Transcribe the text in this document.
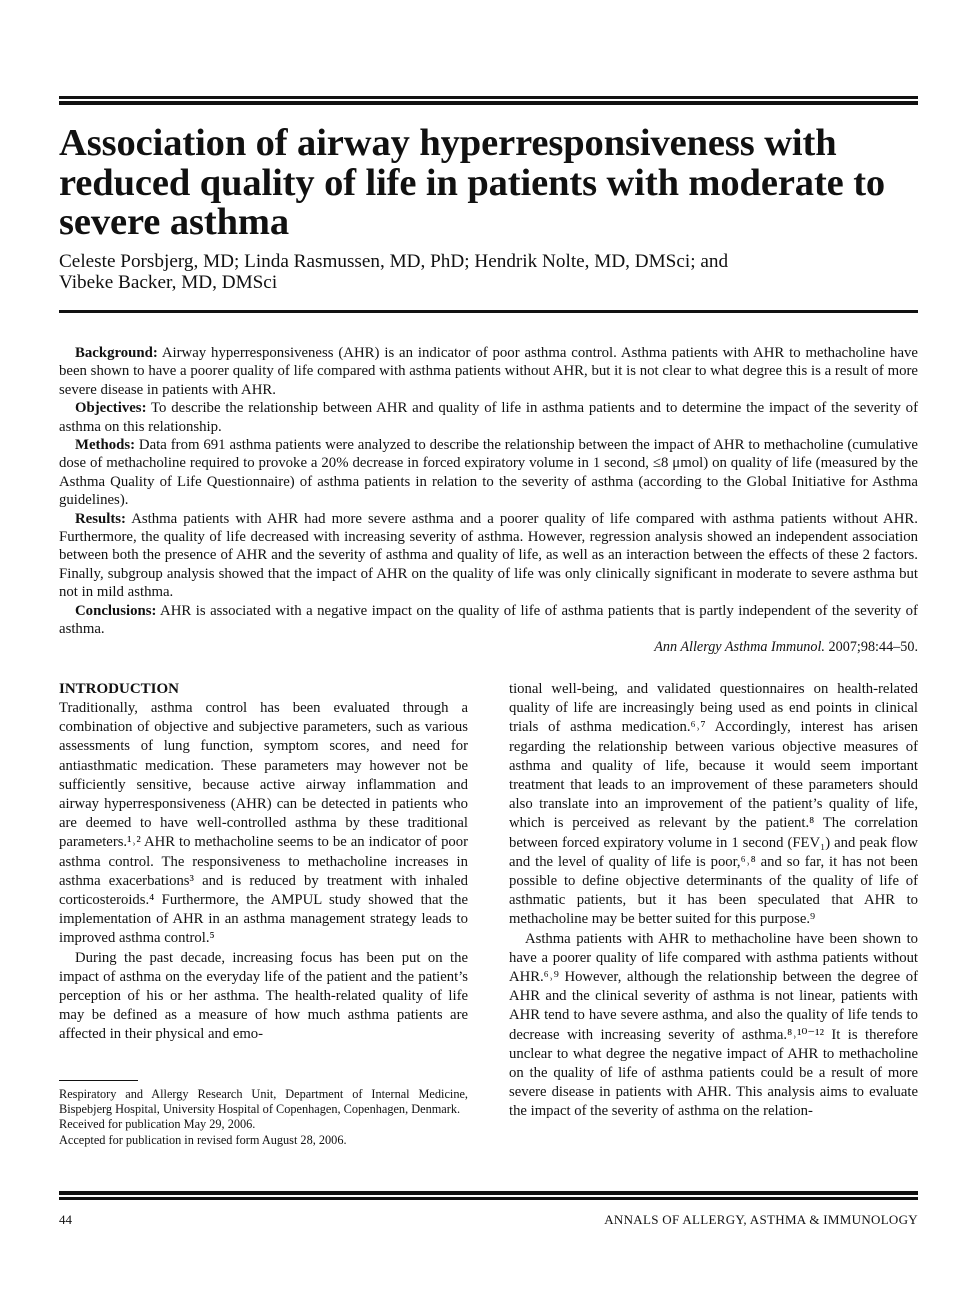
Association of airway hyperresponsiveness with reduced quality of life in patients with moderate to severe asthma
Celeste Porsbjerg, MD; Linda Rasmussen, MD, PhD; Hendrik Nolte, MD, DMSci; and
Vibeke Backer, MD, DMSci

Background: Airway hyperresponsiveness (AHR) is an indicator of poor asthma control. Asthma patients with AHR to methacholine have been shown to have a poorer quality of life compared with asthma patients without AHR, but it is not clear to what degree this is a result of more severe disease in patients with AHR.

Objectives: To describe the relationship between AHR and quality of life in asthma patients and to determine the impact of the severity of asthma on this relationship.

Methods: Data from 691 asthma patients were analyzed to describe the relationship between the impact of AHR to methacholine (cumulative dose of methacholine required to provoke a 20% decrease in forced expiratory volume in 1 second, ≤8 μmol) on quality of life (measured by the Asthma Quality of Life Questionnaire) of asthma patients in relation to the severity of asthma (according to the Global Initiative for Asthma guidelines).

Results: Asthma patients with AHR had more severe asthma and a poorer quality of life compared with asthma patients without AHR. Furthermore, the quality of life decreased with increasing severity of asthma. However, regression analysis showed an independent association between both the presence of AHR and the severity of asthma and quality of life, as well as an interaction between the effects of these 2 factors. Finally, subgroup analysis showed that the impact of AHR on the quality of life was only clinically significant in moderate to severe asthma but not in mild asthma.

Conclusions: AHR is associated with a negative impact on the quality of life of asthma patients that is partly independent of the severity of asthma.

Ann Allergy Asthma Immunol. 2007;98:44–50.
INTRODUCTION

Traditionally, asthma control has been evaluated through a combination of objective and subjective parameters, such as various assessments of lung function, symptom scores, and need for antiasthmatic medication. These parameters may however not be sufficiently sensitive, because active airway inflammation and airway hyperresponsiveness (AHR) can be detected in patients who are deemed to have well-controlled asthma by these traditional parameters.¹˒² AHR to methacholine seems to be an indicator of poor asthma control. The responsiveness to methacholine increases in asthma exacerbations³ and is reduced by treatment with inhaled corticosteroids.⁴ Furthermore, the AMPUL study showed that the implementation of AHR in an asthma management strategy leads to improved asthma control.⁵

During the past decade, increasing focus has been put on the impact of asthma on the everyday life of the patient and the patient’s perception of his or her asthma. The health-related quality of life may be defined as a measure of how much asthma patients are affected in their physical and emo-

tional well-being, and validated questionnaires on health-related quality of life are increasingly being used as end points in clinical trials of asthma medication.⁶˒⁷ Accordingly, interest has arisen regarding the relationship between various objective measures of asthma and quality of life, because it would seem important treatment that leads to an improvement of these parameters should also translate into an improvement of the patient’s quality of life, which is perceived as relevant by the patient.⁸ The correlation between forced expiratory volume in 1 second (FEV₁) and peak flow and the level of quality of life is poor,⁶˒⁸ and so far, it has not been possible to define objective determinants of the quality of life of asthmatic patients, but it has been speculated that AHR to methacholine may be better suited for this purpose.⁹

Asthma patients with AHR to methacholine have been shown to have a poorer quality of life compared with asthma patients without AHR.⁶˒⁹ However, although the relationship between the degree of AHR and the clinical severity of asthma is not linear, patients with AHR tend to have severe asthma, and also the quality of life tends to decrease with increasing severity of asthma.⁸˒¹⁰⁻¹² It is therefore unclear to what degree the negative impact of AHR to methacholine on the quality of life of asthma patients could be a result of more severe disease in patients with AHR. This analysis aims to evaluate the impact of the severity of asthma on the relation-

Respiratory and Allergy Research Unit, Department of Internal Medicine, Bispebjerg Hospital, University Hospital of Copenhagen, Copenhagen, Denmark.

Received for publication May 29, 2006.

Accepted for publication in revised form August 28, 2006.

44	ANNALS OF ALLERGY, ASTHMA & IMMUNOLOGY
